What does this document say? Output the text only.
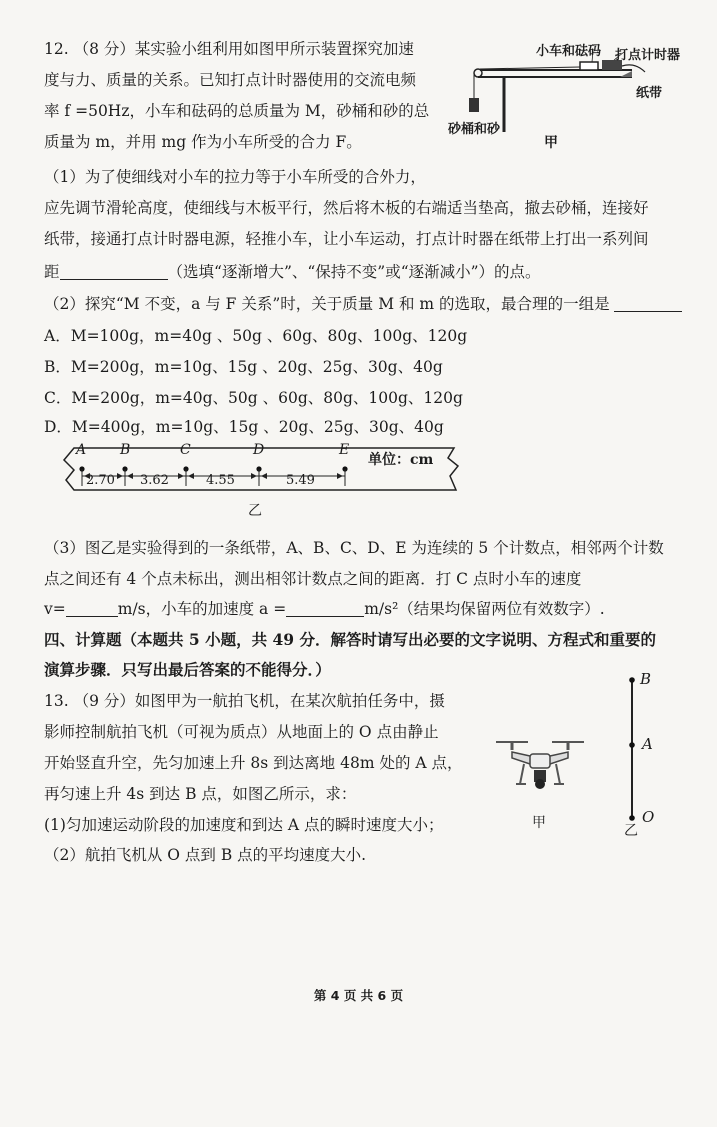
12. （8 分）某实验小组利用如图甲所示装置探究加速
度与力、质量的关系。已知打点计时器使用的交流电频
率 f =50Hz，小车和砝码的总质量为 M，砂桶和砂的总
质量为 m，并用 mg 作为小车所受的合力 F。
（1）为了使细线对小车的拉力等于小车所受的合外力，
应先调节滑轮高度，使细线与木板平行，然后将木板的右端适当垫高，撤去砂桶，连接好
纸带，接通打点计时器电源，轻推小车，让小车运动，打点计时器在纸带上打出一系列间
距	（选填“逐渐增大”、“保持不变”或“逐渐减小”）的点。
（2）探究“M 不变，a 与 F 关系”时，关于质量 M 和 m 的选取，最合理的一组是
A．M=100g，m=40g 、50g 、60g、80g、100g、120g
B．M=200g，m=10g、15g 、20g、25g、30g、40g
C．M=200g，m=40g、50g 、60g、80g、100g、120g
D．M=400g，m=10g、15g 、20g、25g、30g、40g
小车和砝码 打点计时器
纸带
砂桶和砂
甲
A B	C	D	E
2.70 3.62	4.55	5.49
单位：cm
乙
（3）图乙是实验得到的一条纸带，A、B、C、D、E 为连续的 5 个计数点，相邻两个计数
点之间还有 4 个点未标出，测出相邻计数点之间的距离．打 C 点时小车的速度
v=	m/s，小车的加速度 a =	m/s²（结果均保留两位有效数字）.
四、计算题（本题共 5 小题，共 49 分．解答时请写出必要的文字说明、方程式和重要的
演算步骤．只写出最后答案的不能得分．）
13. （9 分）如图甲为一航拍飞机，在某次航拍任务中，摄
影师控制航拍飞机（可视为质点）从地面上的 O 点由静止
开始竖直升空，先匀加速上升 8s 到达离地 48m 处的 A 点，
再匀速上升 4s 到达 B 点，如图乙所示，求：
(1)匀加速运动阶段的加速度和到达 A 点的瞬时速度大小；
（2）航拍飞机从 O 点到 B 点的平均速度大小.
甲
B
A
O
乙
第 4 页 共 6 页
